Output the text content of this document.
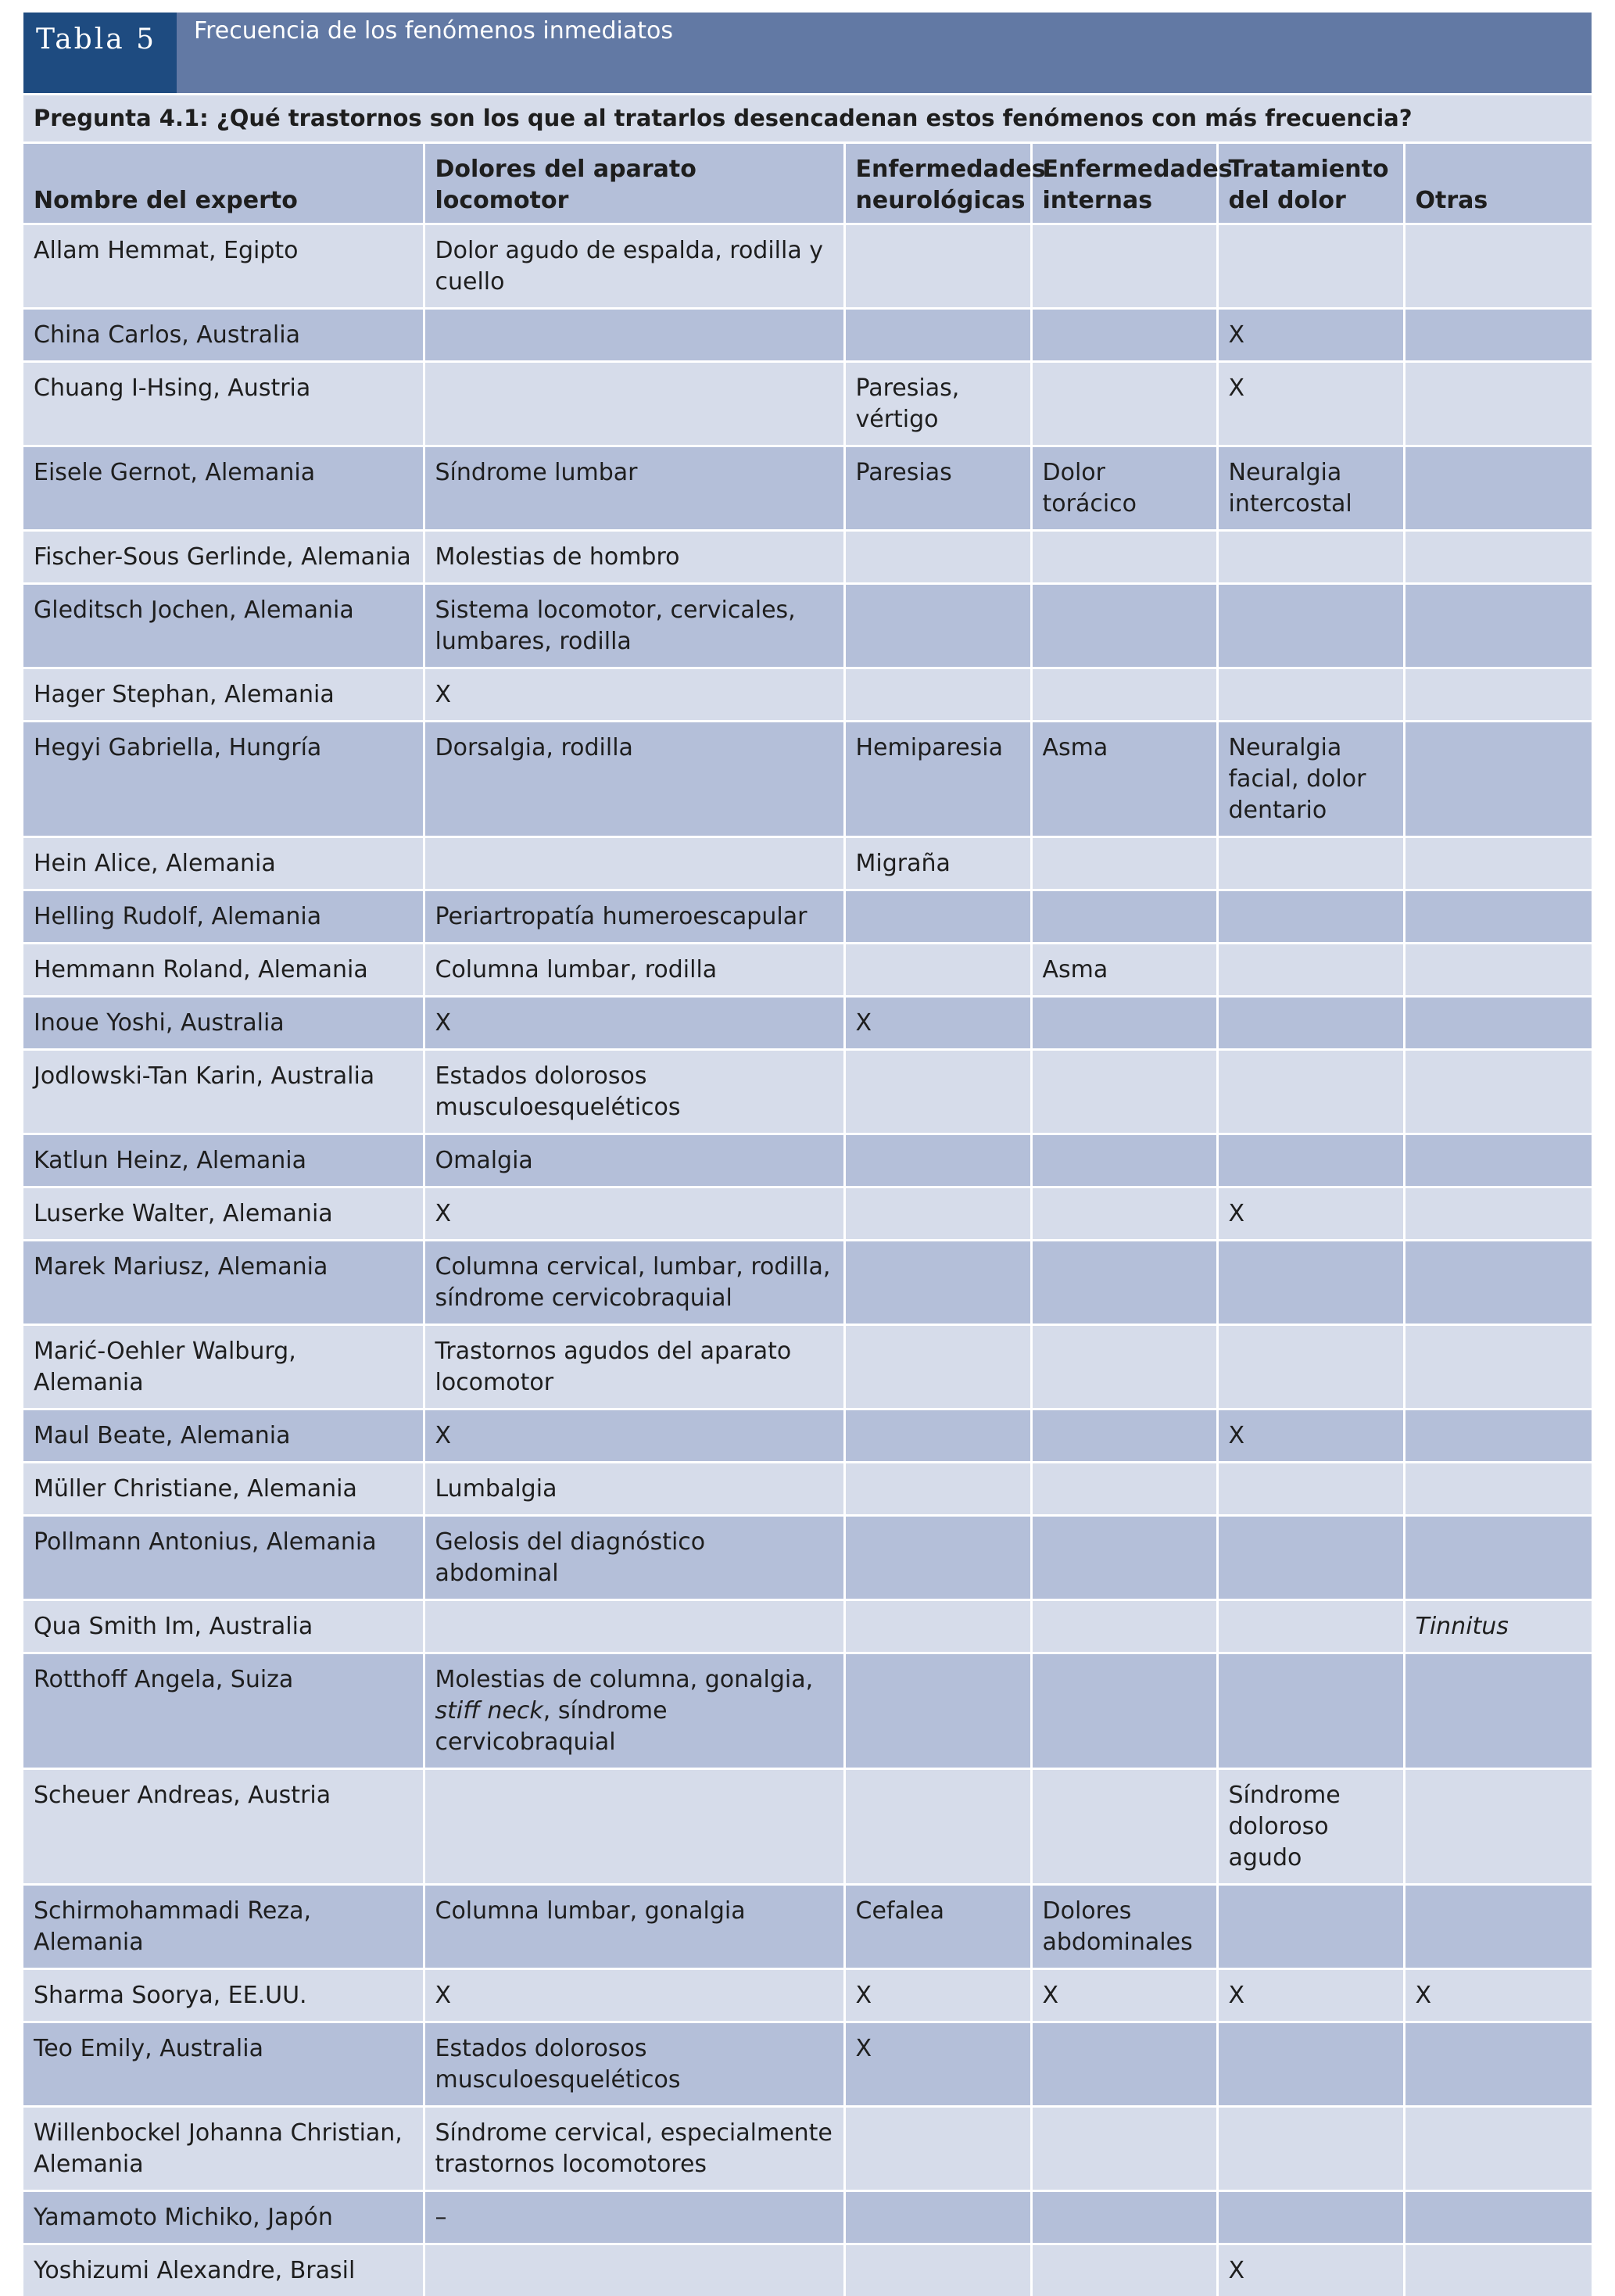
Tabla 5	Frecuencia de los fenómenos inmediatos
Pregunta 4.1: ¿Qué trastornos son los que al tratarlos desencadenan estos fenómenos con más frecuencia?
Nombre del experto	Dolores del aparato locomotor	Enfermedades neurológicas	Enfermedades internas	Tratamiento del dolor	Otras
Allam Hemmat, Egipto	Dolor agudo de espalda, rodilla y cuello				
China Carlos, Australia				X	
Chuang I-Hsing, Austria		Paresias, vértigo		X	
Eisele Gernot, Alemania	Síndrome lumbar	Paresias	Dolor torácico	Neuralgia intercostal	
Fischer-Sous Gerlinde, Alemania	Molestias de hombro				
Gleditsch Jochen, Alemania	Sistema locomotor, cervicales, lumbares, rodilla				
Hager Stephan, Alemania	X				
Hegyi Gabriella, Hungría	Dorsalgia, rodilla	Hemiparesia	Asma	Neuralgia facial, dolor dentario	
Hein Alice, Alemania		Migraña			
Helling Rudolf, Alemania	Periartropatía humeroescapular				
Hemmann Roland, Alemania	Columna lumbar, rodilla		Asma		
Inoue Yoshi, Australia	X	X			
Jodlowski-Tan Karin, Australia	Estados dolorosos musculoesqueléticos				
Katlun Heinz, Alemania	Omalgia				
Luserke Walter, Alemania	X			X	
Marek Mariusz, Alemania	Columna cervical, lumbar, rodilla, síndrome cervicobraquial				
Marić-Oehler Walburg, Alemania	Trastornos agudos del aparato locomotor				
Maul Beate, Alemania	X			X	
Müller Christiane, Alemania	Lumbalgia				
Pollmann Antonius, Alemania	Gelosis del diagnóstico abdominal				
Qua Smith Im, Australia					Tinnitus
Rotthoff Angela, Suiza	Molestias de columna, gonalgia, stiff neck, síndrome cervicobraquial				
Scheuer Andreas, Austria				Síndrome doloroso agudo	
Schirmohammadi Reza, Alemania	Columna lumbar, gonalgia	Cefalea	Dolores abdominales		
Sharma Soorya, EE.UU.	X	X	X	X	X
Teo Emily, Australia	Estados dolorosos musculoesqueléticos	X			
Willenbockel Johanna Christian, Alemania	Síndrome cervical, especialmente trastornos locomotores				
Yamamoto Michiko, Japón	–				
Yoshizumi Alexandre, Brasil				X	
